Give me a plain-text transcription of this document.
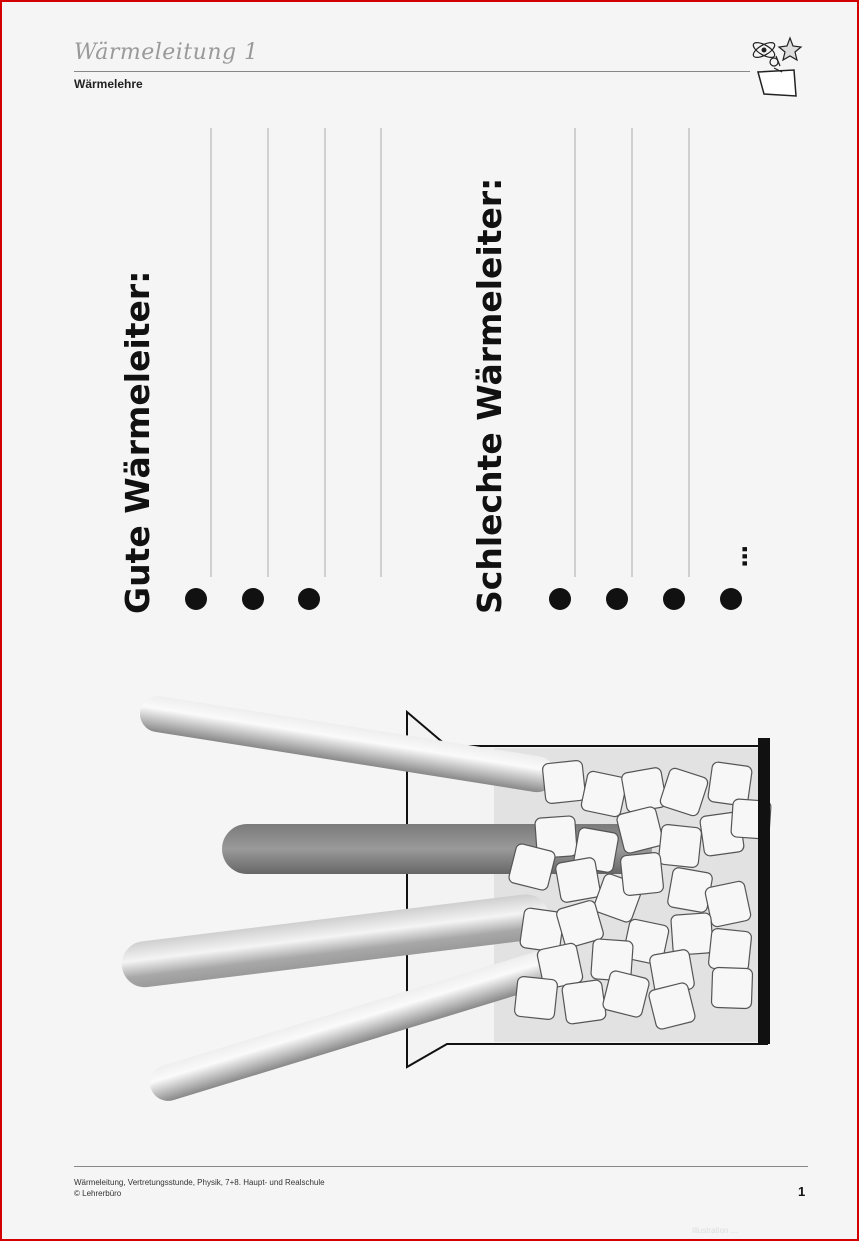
Wärmeleitung 1
Wärmelehre
Gute Wärmeleiter:	Schlechte Wärmeleiter:	...
Wärmeleitung, Vertretungsstunde, Physik, 7+8. Haupt- und Realschule
© Lehrerbüro	1
Illustration ...
